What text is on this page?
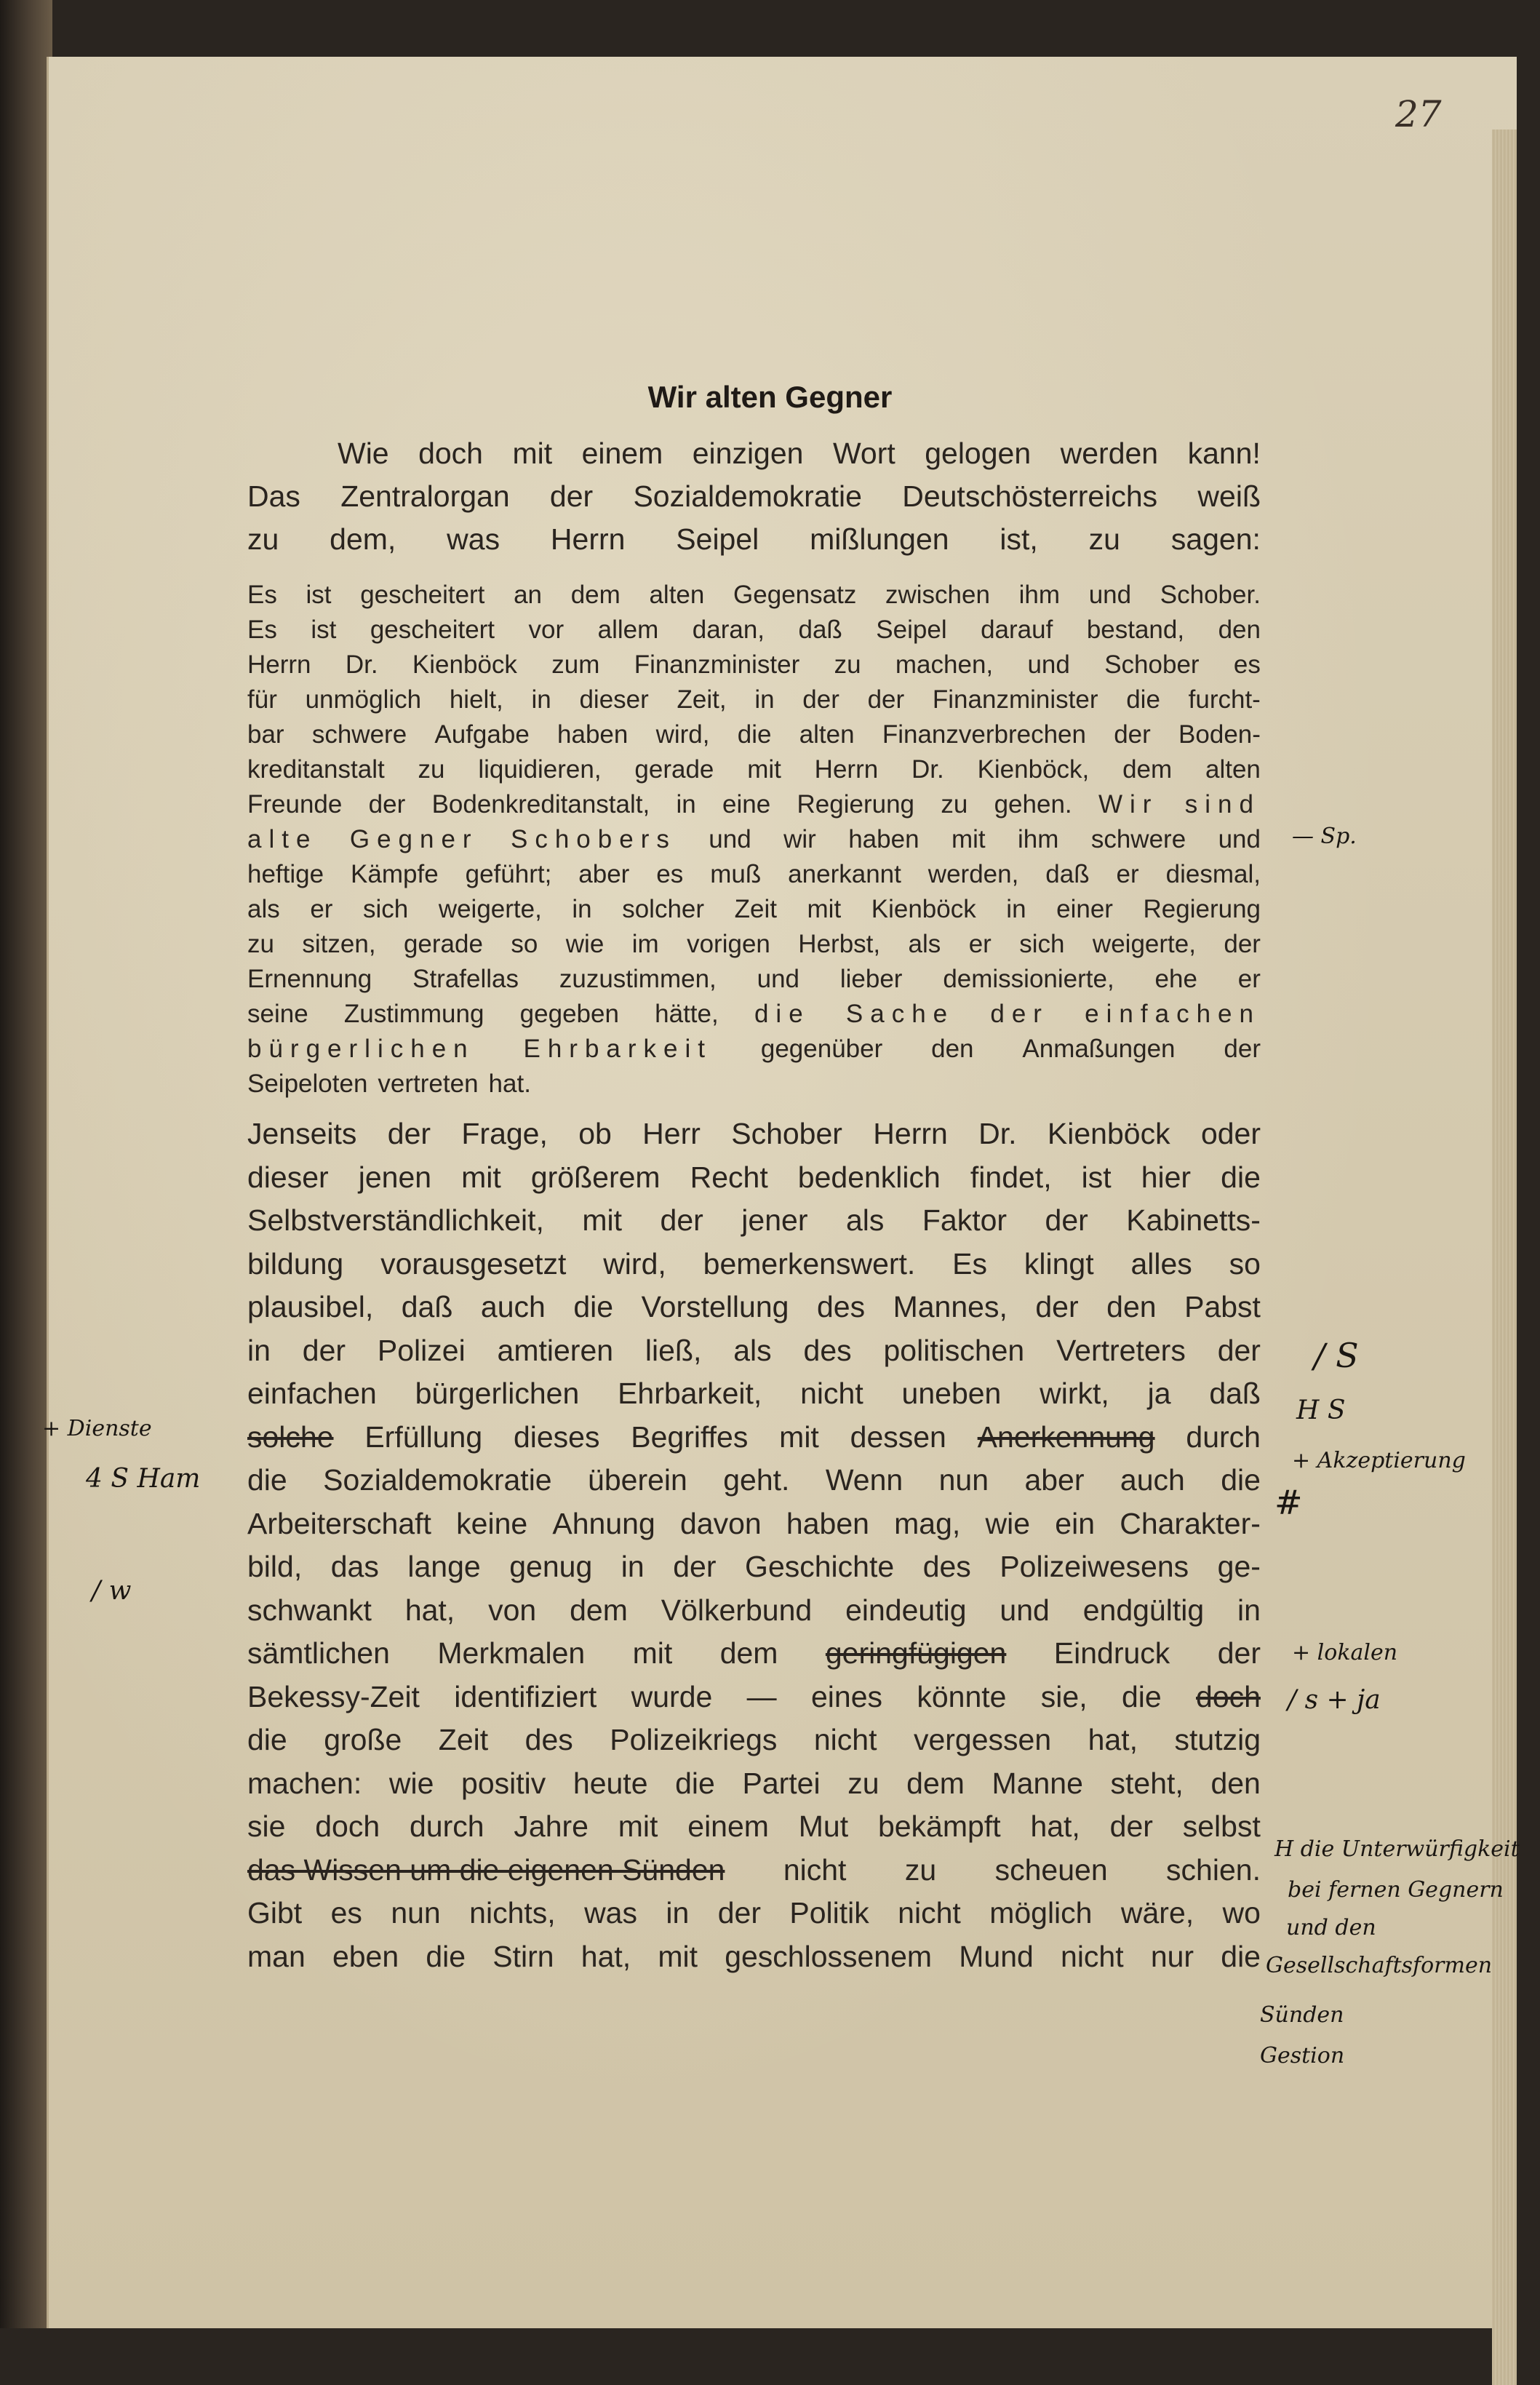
27
Wir alten Gegner
Wie doch mit einem einzigen Wort gelogen werden kann!
Das Zentralorgan der Sozialdemokratie Deutschösterreichs weiß
zu dem, was Herrn Seipel mißlungen ist, zu sagen:
Es ist gescheitert an dem alten Gegensatz zwischen ihm und Schober.
Es ist gescheitert vor allem daran, daß Seipel darauf bestand, den
Herrn Dr. Kienböck zum Finanzminister zu machen, und Schober es
für unmöglich hielt, in dieser Zeit, in der der Finanzminister die furcht-
bar schwere Aufgabe haben wird, die alten Finanzverbrechen der Boden-
kreditanstalt zu liquidieren, gerade mit Herrn Dr. Kienböck, dem alten
Freunde der Bodenkreditanstalt, in eine Regierung zu gehen. Wir sind
alte Gegner Schobers und wir haben mit ihm schwere und
heftige Kämpfe geführt; aber es muß anerkannt werden, daß er diesmal,
als er sich weigerte, in solcher Zeit mit Kienböck in einer Regierung
zu sitzen, gerade so wie im vorigen Herbst, als er sich weigerte, der
Ernennung Strafellas zuzustimmen, und lieber demissionierte, ehe er
seine Zustimmung gegeben hätte, die Sache der einfachen
bürgerlichen Ehrbarkeit gegenüber den Anmaßungen der
Seipeloten vertreten hat.
Jenseits der Frage, ob Herr Schober Herrn Dr. Kienböck oder
dieser jenen mit größerem Recht bedenklich findet, ist hier die
Selbstverständlichkeit, mit der jener als Faktor der Kabinetts-
bildung vorausgesetzt wird, bemerkenswert. Es klingt alles so
plausibel, daß auch die Vorstellung des Mannes, der den Pabst
in der Polizei amtieren ließ, als des politischen Vertreters der
einfachen bürgerlichen Ehrbarkeit, nicht uneben wirkt, ja daß
solche Erfüllung dieses Begriffes mit dessen Anerkennung durch
die Sozialdemokratie überein geht. Wenn nun aber auch die
Arbeiterschaft keine Ahnung davon haben mag, wie ein Charakter-
bild, das lange genug in der Geschichte des Polizeiwesens ge-
schwankt hat, von dem Völkerbund eindeutig und endgültig in
sämtlichen Merkmalen mit dem geringfügigen Eindruck der
Bekessy-Zeit identifiziert wurde — eines könnte sie, die doch
die große Zeit des Polizeikriegs nicht vergessen hat, stutzig
machen: wie positiv heute die Partei zu dem Manne steht, den
sie doch durch Jahre mit einem Mut bekämpft hat, der selbst
das Wissen um die eigenen Sünden nicht zu scheuen schien.
Gibt es nun nichts, was in der Politik nicht möglich wäre, wo
man eben die Stirn hat, mit geschlossenem Mund nicht nur die
— Sp.
/ S
H S
+ Akzeptierung
#
+ lokalen
/ s + ja
H die Unterwürfigkeit
bei fernen Gegnern
und den
Gesellschaftsformen
Sünden
Gestion
+ Dienste
4 S Ham
/ w
